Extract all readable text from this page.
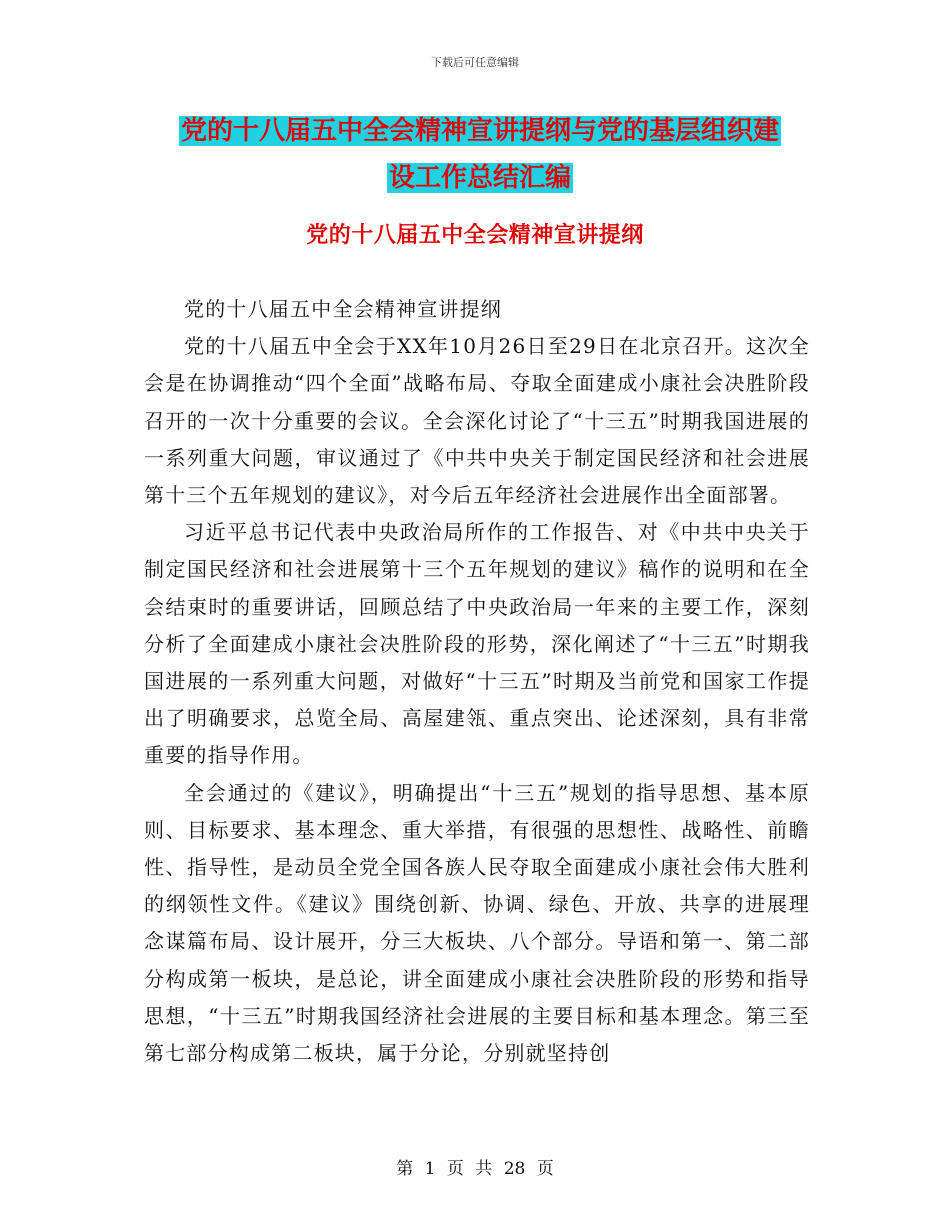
下载后可任意编辑
党的十八届五中全会精神宣讲提纲与党的基层组织建
设工作总结汇编
党的十八届五中全会精神宣讲提纲

党的十八届五中全会精神宣讲提纲

党的十八届五中全会于XX年10月26日至29日在北京召开。这次全会是在协调推动“四个全面”战略布局、夺取全面建成小康社会决胜阶段召开的一次十分重要的会议。全会深化讨论了“十三五”时期我国进展的一系列重大问题，审议通过了《中共中央关于制定国民经济和社会进展第十三个五年规划的建议》，对今后五年经济社会进展作出全面部署。

习近平总书记代表中央政治局所作的工作报告、对《中共中央关于制定国民经济和社会进展第十三个五年规划的建议》稿作的说明和在全会结束时的重要讲话，回顾总结了中央政治局一年来的主要工作，深刻分析了全面建成小康社会决胜阶段的形势，深化阐述了“十三五”时期我国进展的一系列重大问题，对做好“十三五”时期及当前党和国家工作提出了明确要求，总览全局、高屋建瓴、重点突出、论述深刻，具有非常重要的指导作用。

全会通过的《建议》，明确提出“十三五”规划的指导思想、基本原则、目标要求、基本理念、重大举措，有很强的思想性、战略性、前瞻性、指导性，是动员全党全国各族人民夺取全面建成小康社会伟大胜利的纲领性文件。《建议》围绕创新、协调、绿色、开放、共享的进展理念谋篇布局、设计展开，分三大板块、八个部分。导语和第一、第二部分构成第一板块，是总论，讲全面建成小康社会决胜阶段的形势和指导思想，“十三五”时期我国经济社会进展的主要目标和基本理念。第三至第七部分构成第二板块，属于分论，分别就坚持创

第 1 页 共 28 页
